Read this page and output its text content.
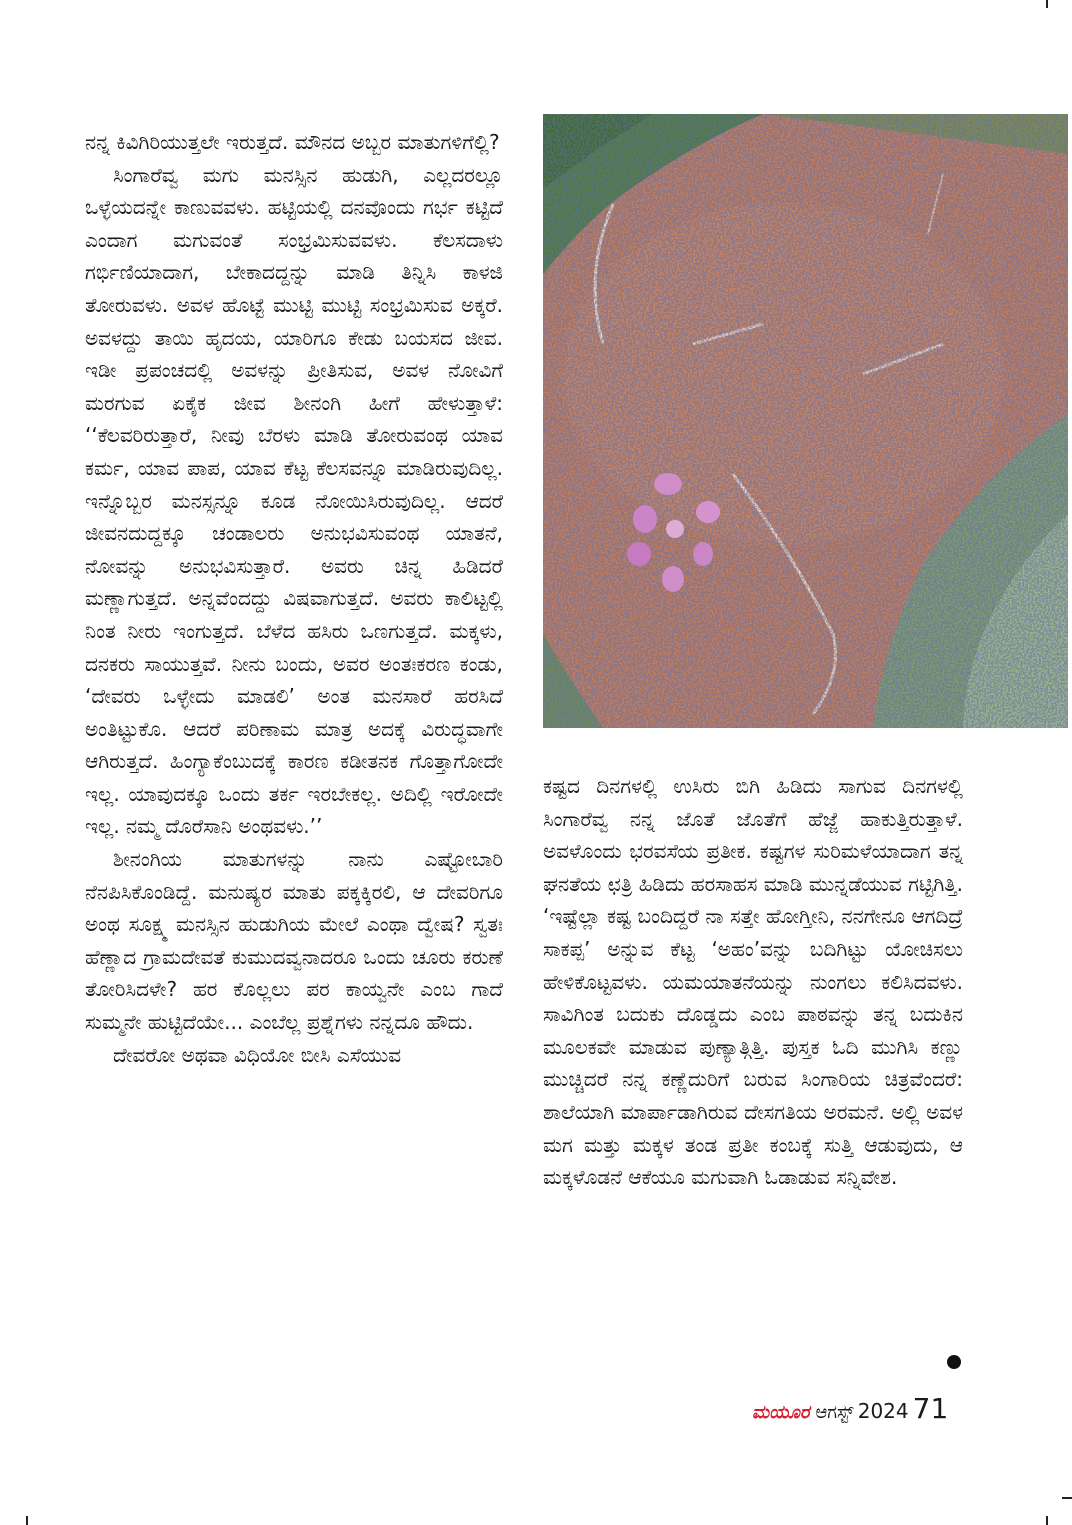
ನನ್ನ ಕಿವಿಗಿರಿಯುತ್ತಲೇ ಇರುತ್ತದೆ. ಮೌನದ ಅಬ್ಬರ ಮಾತುಗಳಿಗೆಲ್ಲಿ?

ಸಿಂಗಾರೆವ್ವ ಮಗು ಮನಸ್ಸಿನ ಹುಡುಗಿ, ಎಲ್ಲದರಲ್ಲೂ ಒಳ್ಳೆಯದನ್ನೇ ಕಾಣುವವಳು. ಹಟ್ಟಿಯಲ್ಲಿ ದನವೊಂದು ಗರ್ಭ ಕಟ್ಟಿದೆ ಎಂದಾಗ ಮಗುವಂತೆ ಸಂಭ್ರಮಿಸುವವಳು. ಕೆಲಸದಾಳು ಗರ್ಭಿಣಿಯಾದಾಗ, ಬೇಕಾದದ್ದನ್ನು ಮಾಡಿ ತಿನ್ನಿಸಿ ಕಾಳಜಿ ತೋರುವಳು. ಅವಳ ಹೊಟ್ಟೆ ಮುಟ್ಟಿ ಮುಟ್ಟಿ ಸಂಭ್ರಮಿಸುವ ಅಕ್ಕರೆ. ಅವಳದ್ದು ತಾಯಿ ಹೃದಯ, ಯಾರಿಗೂ ಕೇಡು ಬಯಸದ ಜೀವ. ಇಡೀ ಪ್ರಪಂಚದಲ್ಲಿ ಅವಳನ್ನು ಪ್ರೀತಿಸುವ, ಅವಳ ನೋವಿಗೆ ಮರಗುವ ಏಕೈಕ ಜೀವ ಶೀನಂಗಿ ಹೀಗೆ ಹೇಳುತ್ತಾಳೆ: ‘‘ಕೆಲವರಿರುತ್ತಾರೆ, ನೀವು ಬೆರಳು ಮಾಡಿ ತೋರುವಂಥ ಯಾವ ಕರ್ಮ, ಯಾವ ಪಾಪ, ಯಾವ ಕೆಟ್ಟ ಕೆಲಸವನ್ನೂ ಮಾಡಿರುವುದಿಲ್ಲ. ಇನ್ನೊಬ್ಬರ ಮನಸ್ಸನ್ನೂ ಕೂಡ ನೋಯಿಸಿರುವುದಿಲ್ಲ. ಆದರೆ ಜೀವನದುದ್ದಕ್ಕೂ ಚಂಡಾಲರು ಅನುಭವಿಸುವಂಥ ಯಾತನೆ, ನೋವನ್ನು ಅನುಭವಿಸುತ್ತಾರೆ. ಅವರು ಚಿನ್ನ ಹಿಡಿದರೆ ಮಣ್ಣಾಗುತ್ತದೆ. ಅನ್ನವೆಂದದ್ದು ವಿಷವಾಗುತ್ತದೆ. ಅವರು ಕಾಲಿಟ್ಟಲ್ಲಿ ನಿಂತ ನೀರು ಇಂಗುತ್ತದೆ. ಬೆಳೆದ ಹಸಿರು ಒಣಗುತ್ತದೆ. ಮಕ್ಕಳು, ದನಕರು ಸಾಯುತ್ತವೆ. ನೀನು ಬಂದು, ಅವರ ಅಂತಃಕರಣ ಕಂಡು, ‘ದೇವರು ಒಳ್ಳೇದು ಮಾಡಲಿ’ ಅಂತ ಮನಸಾರೆ ಹರಸಿದೆ ಅಂತಿಟ್ಟುಕೊ. ಆದರೆ ಪರಿಣಾಮ ಮಾತ್ರ ಅದಕ್ಕೆ ವಿರುದ್ಧವಾಗೇ ಆಗಿರುತ್ತದೆ. ಹಿಂಗ್ಯಾಕೆಂಬುದಕ್ಕೆ ಕಾರಣ ಕಡೀತನಕ ಗೊತ್ತಾಗೋದೇ ಇಲ್ಲ. ಯಾವುದಕ್ಕೂ ಒಂದು ತರ್ಕ ಇರಬೇಕಲ್ಲ. ಅದಿಲ್ಲಿ ಇರೋದೇ ಇಲ್ಲ. ನಮ್ಮ ದೊರೆಸಾನಿ ಅಂಥವಳು.’’

ಶೀನಂಗಿಯ ಮಾತುಗಳನ್ನು ನಾನು ಎಷ್ಟೋಬಾರಿ ನೆನಪಿಸಿಕೊಂಡಿದ್ದೆ. ಮನುಷ್ಯರ ಮಾತು ಪಕ್ಕಕ್ಕಿರಲಿ, ಆ ದೇವರಿಗೂ ಅಂಥ ಸೂಕ್ಷ್ಮ ಮನಸ್ಸಿನ ಹುಡುಗಿಯ ಮೇಲೆ ಎಂಥಾ ದ್ವೇಷ? ಸ್ವತಃ ಹೆಣ್ಣಾದ ಗ್ರಾಮದೇವತೆ ಕುಮುದವ್ವನಾದರೂ ಒಂದು ಚೂರು ಕರುಣೆ ತೋರಿಸಿದಳೇ? ಹರ ಕೊಲ್ಲಲು ಪರ ಕಾಯ್ವನೇ ಎಂಬ ಗಾದೆ ಸುಮ್ಮನೇ ಹುಟ್ಟಿದೆಯೇ... ಎಂಬೆಲ್ಲ ಪ್ರಶ್ನೆಗಳು ನನ್ನದೂ ಹೌದು.

ದೇವರೋ ಅಥವಾ ವಿಧಿಯೋ ಬೀಸಿ ಎಸೆಯುವ

ಕಷ್ಟದ ದಿನಗಳಲ್ಲಿ ಉಸಿರು ಬಿಗಿ ಹಿಡಿದು ಸಾಗುವ ದಿನಗಳಲ್ಲಿ ಸಿಂಗಾರೆವ್ವ ನನ್ನ ಜೊತೆ ಜೊತೆಗೆ ಹೆಜ್ಜೆ ಹಾಕುತ್ತಿರುತ್ತಾಳೆ. ಅವಳೊಂದು ಭರವಸೆಯ ಪ್ರತೀಕ. ಕಷ್ಟಗಳ ಸುರಿಮಳೆಯಾದಾಗ ತನ್ನ ಘನತೆಯ ಛತ್ರಿ ಹಿಡಿದು ಹರಸಾಹಸ ಮಾಡಿ ಮುನ್ನಡೆಯುವ ಗಟ್ಟಿಗಿತ್ತಿ. ‘ಇಷ್ಟೆಲ್ಲಾ ಕಷ್ಟ ಬಂದಿದ್ದರೆ ನಾ ಸತ್ತೇ ಹೋಗ್ತೀನಿ, ನನಗೇನೂ ಆಗದಿದ್ರೆ ಸಾಕಪ್ಪ’ ಅನ್ನುವ ಕೆಟ್ಟ ‘ಅಹಂ’ವನ್ನು ಬದಿಗಿಟ್ಟು ಯೋಚಿಸಲು ಹೇಳಿಕೊಟ್ಟವಳು. ಯಮಯಾತನೆಯನ್ನು ನುಂಗಲು ಕಲಿಸಿದವಳು. ಸಾವಿಗಿಂತ ಬದುಕು ದೊಡ್ಡದು ಎಂಬ ಪಾಠವನ್ನು ತನ್ನ ಬದುಕಿನ ಮೂಲಕವೇ ಮಾಡುವ ಪುಣ್ಯಾತ್ಗಿತ್ತಿ. ಪುಸ್ತಕ ಓದಿ ಮುಗಿಸಿ ಕಣ್ಣು ಮುಚ್ಚಿದರೆ ನನ್ನ ಕಣ್ಣೆದುರಿಗೆ ಬರುವ ಸಿಂಗಾರಿಯ ಚಿತ್ರವೆಂದರೆ: ಶಾಲೆಯಾಗಿ ಮಾರ್ಪಾಡಾಗಿರುವ ದೇಸಗತಿಯ ಅರಮನೆ. ಅಲ್ಲಿ ಅವಳ ಮಗ ಮತ್ತು ಮಕ್ಕಳ ತಂಡ ಪ್ರತೀ ಕಂಬಕ್ಕೆ ಸುತ್ತಿ ಆಡುವುದು, ಆ ಮಕ್ಕಳೊಡನೆ ಆಕೆಯೂ ಮಗುವಾಗಿ ಓಡಾಡುವ ಸನ್ನಿವೇಶ.

ಮಯೂರ ಆಗಸ್ಟ್ 2024 71
